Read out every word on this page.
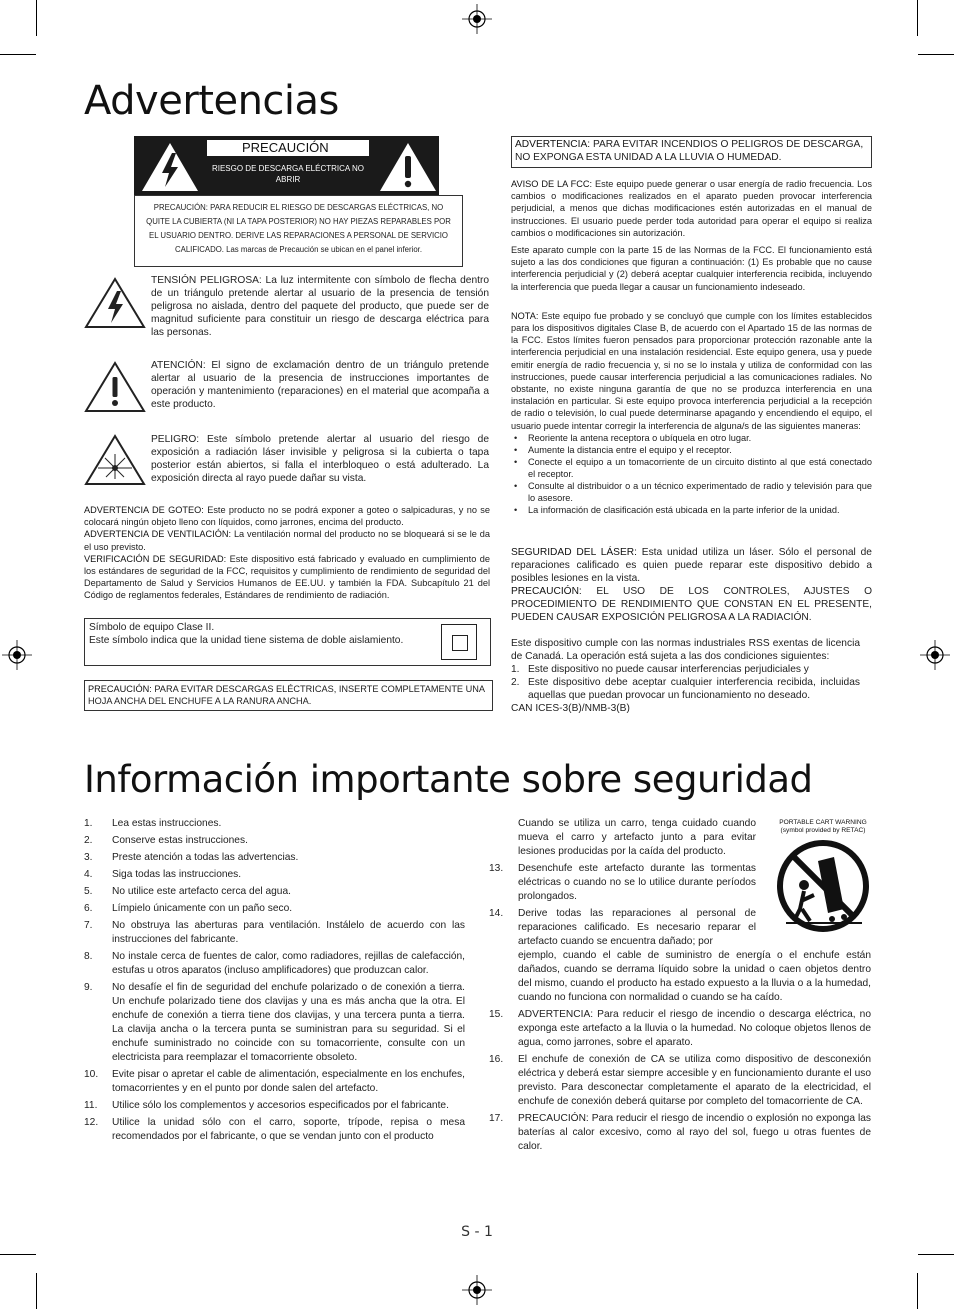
Advertencias
PRECAUCIÓN
RIESGO DE DESCARGA ELÉCTRICA NO ABRIR
PRECAUCIÓN: PARA REDUCIR EL RIESGO DE DESCARGAS ELÉCTRICAS, NO QUITE LA CUBIERTA (NI LA TAPA POSTERIOR) NO HAY PIEZAS REPARABLES POR EL USUARIO DENTRO. DERIVE LAS REPARACIONES A PERSONAL DE SERVICIO CALIFICADO. Las marcas de Precaución se ubican en el panel inferior.
TENSIÓN PELIGROSA: La luz intermitente con símbolo de flecha dentro de un triángulo pretende alertar al usuario de la presencia de tensión peligrosa no aislada, dentro del paquete del producto, que puede ser de magnitud suficiente para constituir un riesgo de descarga eléctrica para las personas.
ATENCIÓN: El signo de exclamación dentro de un triángulo pretende alertar al usuario de la presencia de instrucciones importantes de operación y mantenimiento (reparaciones) en el material que acompaña a este producto.
PELIGRO: Este símbolo pretende alertar al usuario del riesgo de exposición a radiación láser invisible y peligrosa si la cubierta o tapa posterior están abiertos, si falla el interbloqueo o está adulterado. La exposición directa al rayo puede dañar su vista.
ADVERTENCIA DE GOTEO: Este producto no se podrá exponer a goteo o salpicaduras, y no se colocará ningún objeto lleno con líquidos, como jarrones, encima del producto.
ADVERTENCIA DE VENTILACIÓN: La ventilación normal del producto no se bloqueará si se le da el uso previsto.
VERIFICACIÓN DE SEGURIDAD: Este dispositivo está fabricado y evaluado en cumplimiento de los estándares de seguridad de la FCC, requisitos y cumplimiento de rendimiento de seguridad del Departamento de Salud y Servicios Humanos de EE.UU. y también la FDA. Subcapítulo 21 del Código de reglamentos federales, Estándares de rendimiento de radiación.
Símbolo de equipo Clase II.
Este símbolo indica que la unidad tiene sistema de doble aislamiento.
PRECAUCIÓN: PARA EVITAR DESCARGAS ELÉCTRICAS, INSERTE COMPLETAMENTE UNA HOJA ANCHA DEL ENCHUFE A LA RANURA ANCHA.
ADVERTENCIA: PARA EVITAR INCENDIOS O PELIGROS DE DESCARGA, NO EXPONGA ESTA UNIDAD A LA LLUVIA O HUMEDAD.
AVISO DE LA FCC: Este equipo puede generar o usar energía de radio frecuencia. Los cambios o modificaciones realizados en el aparato pueden provocar interferencia perjudicial, a menos que dichas modificaciones estén autorizadas en el manual de instrucciones. El usuario puede perder toda autoridad para operar el equipo si realiza cambios o modificaciones sin autorización.
Este aparato cumple con la parte 15 de las Normas de la FCC. El funcionamiento está sujeto a las dos condiciones que figuran a continuación: (1) Es probable que no cause interferencia perjudicial y (2) deberá aceptar cualquier interferencia recibida, incluyendo la interferencia que pueda llegar a causar un funcionamiento indeseado.
NOTA: Este equipo fue probado y se concluyó que cumple con los límites establecidos para los dispositivos digitales Clase B, de acuerdo con el Apartado 15 de las normas de la FCC. Estos límites fueron pensados para proporcionar protección razonable ante la interferencia perjudicial en una instalación residencial. Este equipo genera, usa y puede emitir energía de radio frecuencia y, si no se lo instala y utiliza de conformidad con las instrucciones, puede causar interferencia perjudicial a las comunicaciones radiales. No obstante, no existe ninguna garantía de que no se produzca interferencia en una instalación en particular. Si este equipo provoca interferencia perjudicial a la recepción de radio o televisión, lo cual puede determinarse apagando y encendiendo el equipo, el usuario puede intentar corregir la interferencia de alguna/s de las siguientes maneras:
• Reoriente la antena receptora o ubíquela en otro lugar.
• Aumente la distancia entre el equipo y el receptor.
• Conecte el equipo a un tomacorriente de un circuito distinto al que está conectado el receptor.
• Consulte al distribuidor o a un técnico experimentado de radio y televisión para que lo asesore.
• La información de clasificación está ubicada en la parte inferior de la unidad.
SEGURIDAD DEL LÁSER: Esta unidad utiliza un láser. Sólo el personal de reparaciones calificado es quien puede reparar este dispositivo debido a posibles lesiones en la vista.
PRECAUCIÓN: EL USO DE LOS CONTROLES, AJUSTES O PROCEDIMIENTO DE RENDIMIENTO QUE CONSTAN EN EL PRESENTE, PUEDEN CAUSAR EXPOSICIÓN PELIGROSA A LA RADIACIÓN.
Este dispositivo cumple con las normas industriales RSS exentas de licencia de Canadá. La operación está sujeta a las dos condiciones siguientes:
1. Este dispositivo no puede causar interferencias perjudiciales y
2. Este dispositivo debe aceptar cualquier interferencia recibida, incluidas aquellas que puedan provocar un funcionamiento no deseado.
CAN ICES-3(B)/NMB-3(B)
Información importante sobre seguridad
1. Lea estas instrucciones.
2. Conserve estas instrucciones.
3. Preste atención a todas las advertencias.
4. Siga todas las instrucciones.
5. No utilice este artefacto cerca del agua.
6. Límpielo únicamente con un paño seco.
7. No obstruya las aberturas para ventilación. Instálelo de acuerdo con las instrucciones del fabricante.
8. No instale cerca de fuentes de calor, como radiadores, rejillas de calefacción, estufas u otros aparatos (incluso amplificadores) que produzcan calor.
9. No desafíe el fin de seguridad del enchufe polarizado o de conexión a tierra. Un enchufe polarizado tiene dos clavijas y una es más ancha que la otra. El enchufe de conexión a tierra tiene dos clavijas, y una tercera punta a tierra. La clavija ancha o la tercera punta se suministran para su seguridad. Si el enchufe suministrado no coincide con su tomacorriente, consulte con un electricista para reemplazar el tomacorriente obsoleto.
10. Evite pisar o apretar el cable de alimentación, especialmente en los enchufes, tomacorrientes y en el punto por donde salen del artefacto.
11. Utilice sólo los complementos y accesorios especificados por el fabricante.
12. Utilice la unidad sólo con el carro, soporte, trípode, repisa o mesa recomendados por el fabricante, o que se vendan junto con el producto
Cuando se utiliza un carro, tenga cuidado cuando mueva el carro y artefacto junto a para evitar lesiones producidas por la caída del producto.
13. Desenchufe este artefacto durante las tormentas eléctricas o cuando no se lo utilice durante períodos prolongados.
14. Derive todas las reparaciones al personal de reparaciones calificado. Es necesario reparar el artefacto cuando se encuentra dañado; por
ejemplo, cuando el cable de suministro de energía o el enchufe están dañados, cuando se derrama líquido sobre la unidad o caen objetos dentro del mismo, cuando el producto ha estado expuesto a la lluvia o a la humedad, cuando no funciona con normalidad o cuando se ha caído.
15. ADVERTENCIA: Para reducir el riesgo de incendio o descarga eléctrica, no exponga este artefacto a la lluvia o la humedad. No coloque objetos llenos de agua, como jarrones, sobre el aparato.
16. El enchufe de conexión de CA se utiliza como dispositivo de desconexión eléctrica y deberá estar siempre accesible y en funcionamiento durante el uso previsto. Para desconectar completamente el aparato de la electricidad, el enchufe de conexión deberá quitarse por completo del tomacorriente de CA.
17. PRECAUCIÓN: Para reducir el riesgo de incendio o explosión no exponga las baterías al calor excesivo, como al rayo del sol, fuego u otras fuentes de calor.
PORTABLE CART WARNING
(symbol provided by RETAC)
S - 1
